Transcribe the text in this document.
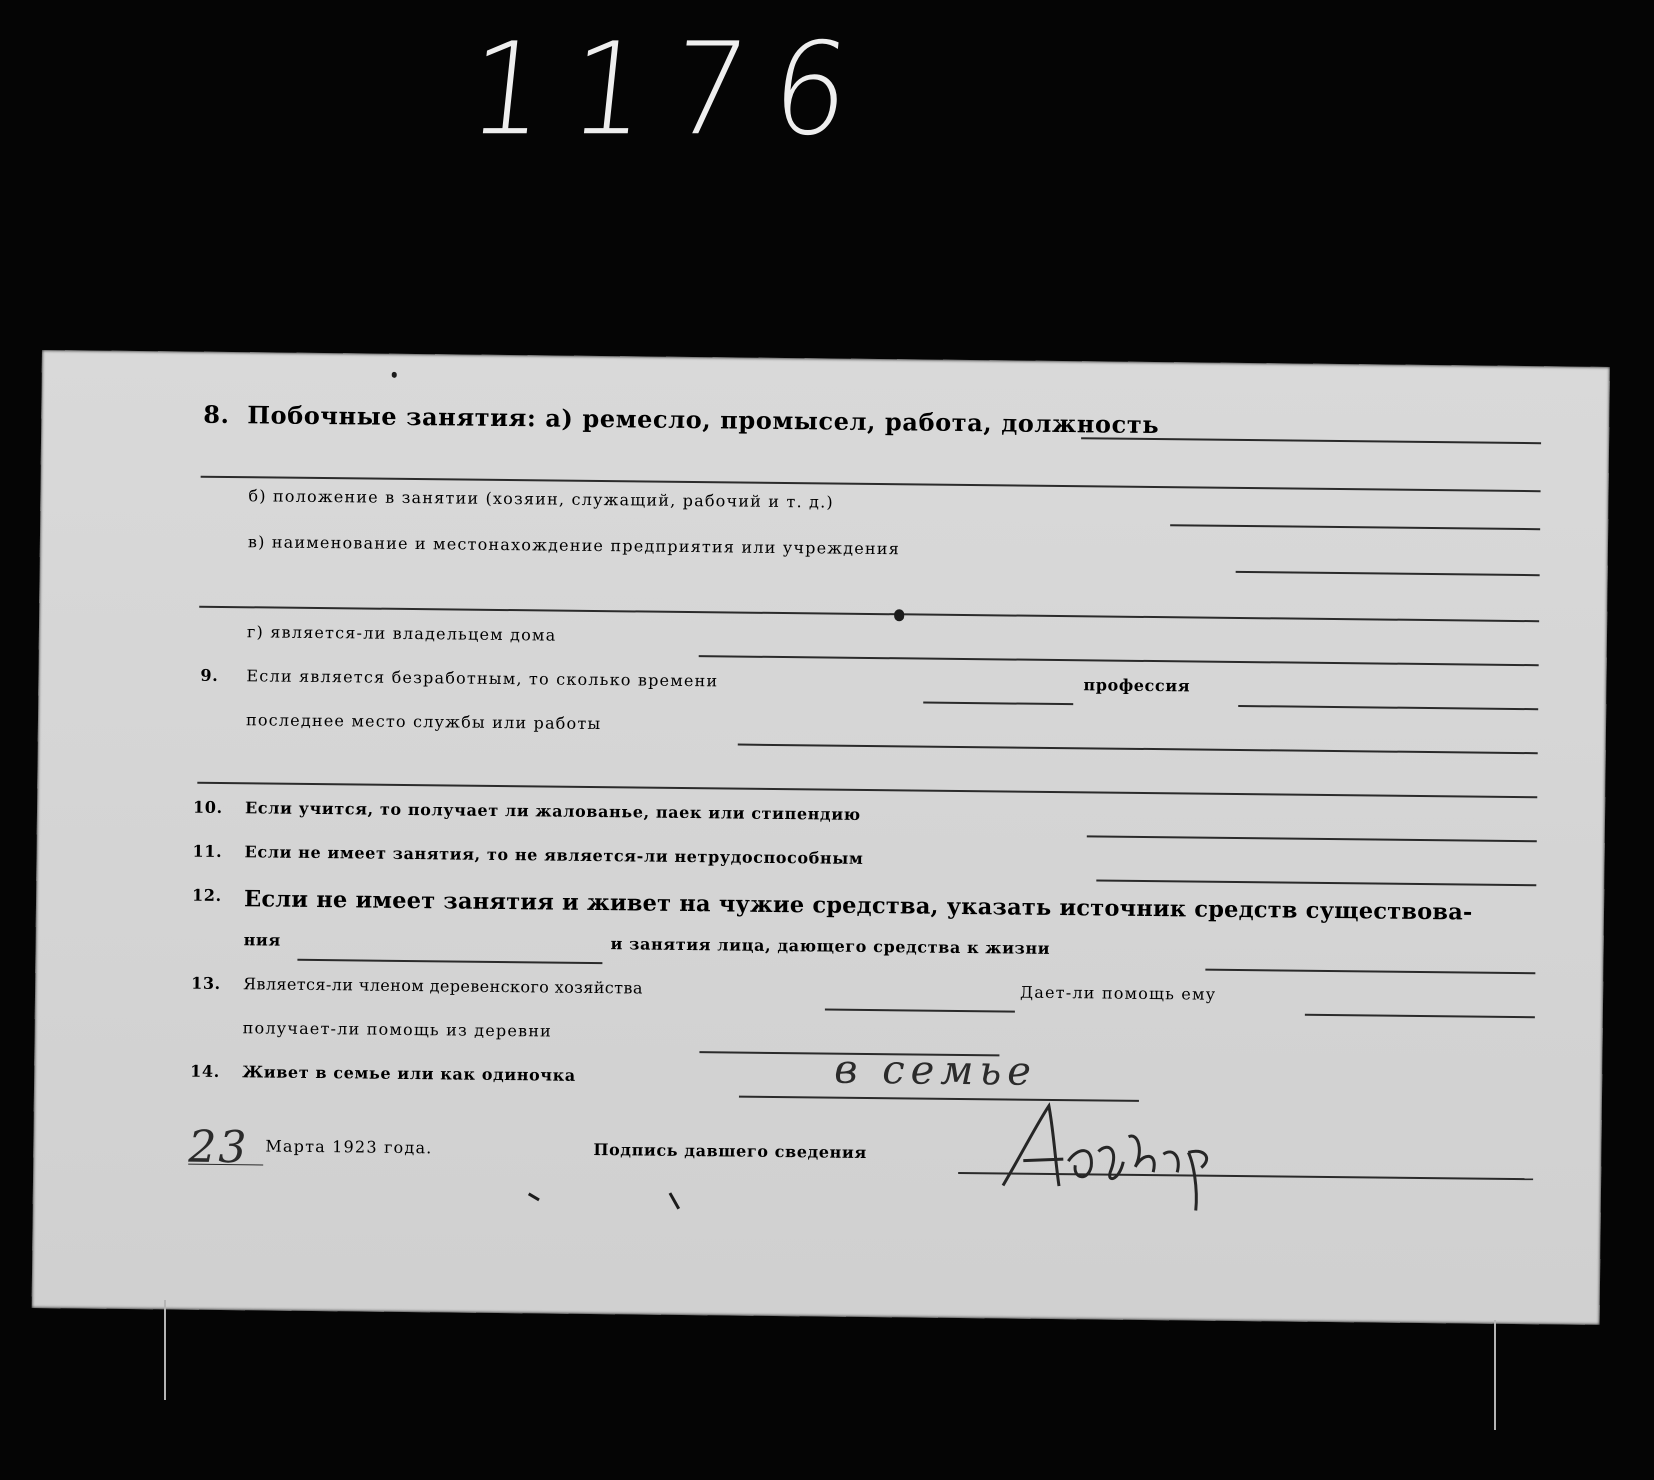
1176
8. Побочные занятия: а) ремесло, промысел, работа, должность
б) положение в занятии (хозяин, служащий, рабочий и т. д.)
в) наименование и местонахождение предприятия или учреждения
г) является-ли владельцем дома
9. Если является безработным, то сколько времени	профессия
последнее место службы или работы
10. Если учится, то получает ли жалованье, паек или стипендию
11. Если не имеет занятия, то не является-ли нетрудоспособным
12. Если не имеет занятия и живет на чужие средства, указать источник средств существова-
ния	и занятия лица, дающего средства к жизни
13. Является-ли членом деревенского хозяйства	Дает-ли помощь ему
получает-ли помощь из деревни
14. Живет в семье или как одиночка	в семье
23 Марта 1923 года.	Подпись давшего сведения
